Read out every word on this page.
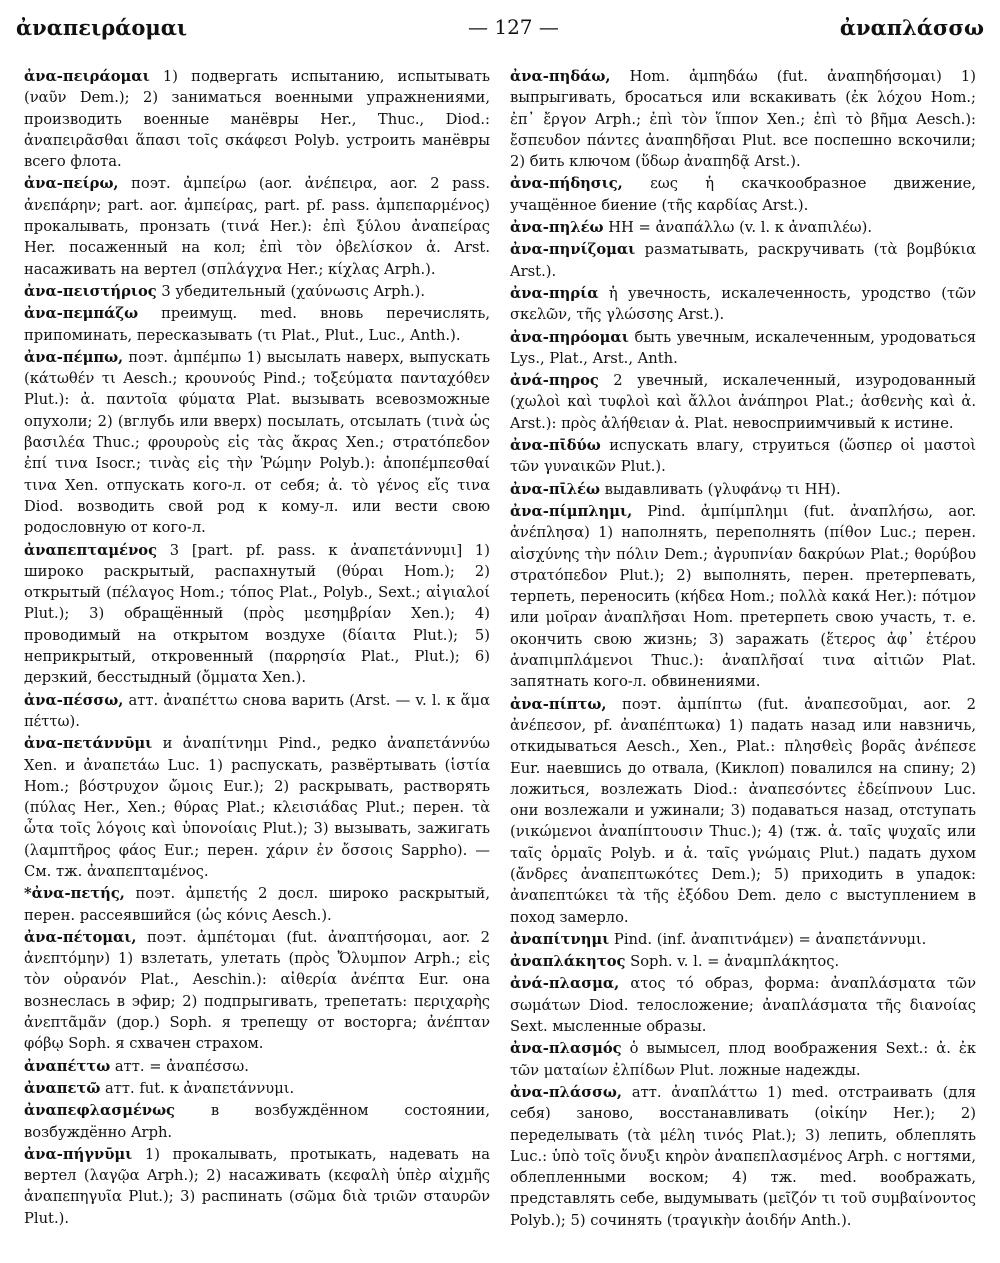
ἀναπειράομαι	— 127 —	ἀναπλάσσω

ἀνα-πειράομαι 1) подвергать испытанию, испытывать (ναῦν Dem.); 2) заниматься военными упражнениями, производить военные манёвры Her., Thuc., Diod.: ἀναπειρᾶσθαι ἅπασι τοῖς σκάφεσι Polyb. устроить манёвры всего флота.

ἀνα-πείρω, поэт. ἀμπείρω (aor. ἀνέπειρα, aor. 2 pass. ἀνεπάρην; part. aor. ἀμπείρας, part. pf. pass. ἀμπεπαρμένος) прокалывать, пронзать (τινά Her.): ἐπὶ ξύλου ἀναπείρας Her. посаженный на кол; ἐπὶ τὸν ὀβελίσκον ἀ. Arst. насаживать на вертел (σπλάγχνα Her.; κίχλας Arph.).

ἀνα-πειστήριος 3 убедительный (χαύνωσις Arph.).

ἀνα-πεμπάζω преимущ. med. вновь перечислять, припоминать, пересказывать (τι Plat., Plut., Luc., Anth.).

ἀνα-πέμπω, поэт. ἀμπέμπω 1) высылать наверх, выпускать (κάτωθέν τι Aesch.; κρουνούς Pind.; τοξεύματα πανταχόθεν Plut.): ἀ. παντοῖα φύματα Plat. вызывать всевозможные опухоли; 2) (вглубь или вверх) посылать, отсылать (τινὰ ὡς βασιλέα Thuc.; φρουροὺς εἰς τὰς ἄκρας Xen.; στρατόπεδον ἐπί τινα Isocr.; τινὰς εἰς τὴν Ῥώμην Polyb.): ἀποπέμπεσθαί τινα Xen. отпускать кого-л. от себя; ἀ. τὸ γένος εἴς τινα Diod. возводить свой род к кому-л. или вести свою родословную от кого-л.

ἀναπεπταμένος 3 [part. pf. pass. к ἀναπετάννυμι] 1) широко раскрытый, распахнутый (θύραι Hom.); 2) открытый (πέλαγος Hom.; τόπος Plat., Polyb., Sext.; αἰγιαλοί Plut.); 3) обращённый (πρὸς μεσημβρίαν Xen.); 4) проводимый на открытом воздухе (δίαιτα Plut.); 5) неприкрытый, откровенный (παρρησία Plat., Plut.); 6) дерзкий, бесстыдный (ὄμματα Xen.).

ἀνα-πέσσω, атт. ἀναπέττω снова варить (Arst. — v. l. к ἅμα πέττω).

ἀνα-πετάννῡμι и ἀναπίτνημι Pind., редко ἀναπετάννύω Xen. и ἀναπετάω Luc. 1) распускать, развёртывать (ἱστία Hom.; βόστρυχον ὤμοις Eur.); 2) раскрывать, растворять (πύλας Her., Xen.; θύρας Plat.; κλεισιάδας Plut.; перен. τὰ ὦτα τοῖς λόγοις καὶ ὑπονοίαις Plut.); 3) вызывать, зажигать (λαμπτῆρος φάος Eur.; перен. χάριν ἐν ὄσσοις Sappho). — См. тж. ἀναπεπταμένος.

*ἀνα-πετής, поэт. ἀμπετής 2 досл. широко раскрытый, перен. рассеявшийся (ὡς κόνις Aesch.).

ἀνα-πέτομαι, поэт. ἀμπέτομαι (fut. ἀναπτήσομαι, aor. 2 ἀνεπτόμην) 1) взлетать, улетать (πρὸς Ὄλυμπον Arph.; εἰς τὸν οὐρανόν Plat., Aeschin.): αἰθερία ἀνέπτα Eur. она вознеслась в эфир; 2) подпрыгивать, трепетать: περιχαρὴς ἀνεπτᾶμᾶν (дор.) Soph. я трепещу от восторга; ἀνέπταν φόβῳ Soph. я схвачен страхом.

ἀναπέττω атт. = ἀναπέσσω.

ἀναπετῶ атт. fut. к ἀναπετάννυμι.

ἀναπεφλασμένως в возбуждённом состоянии, возбуждённо Arph.

ἀνα-πήγνῡμι 1) прокалывать, протыкать, надевать на вертел (λαγῷα Arph.); 2) насаживать (κεφαλὴ ὑπὲρ αἰχμῆς ἀναπεπηγυῖα Plut.); 3) распинать (σῶμα διὰ τριῶν σταυρῶν Plut.).

ἀνα-πηδάω, Hom. ἀμπηδάω (fut. ἀναπηδήσομαι) 1) выпрыгивать, бросаться или вскакивать (ἐκ λόχου Hom.; ἐπ᾽ ἔργον Arph.; ἐπὶ τὸν ἵππον Xen.; ἐπὶ τὸ βῆμα Aesch.): ἔσπευδον πάντες ἀναπηδῆσαι Plut. все поспешно вскочили; 2) бить ключом (ὕδωρ ἀναπηδᾷ Arst.).

ἀνα-πήδησις, εως ἡ скачкообразное движение, учащённое биение (τῆς καρδίας Arst.).

ἀνα-πηλέω НН = ἀναπάλλω (v. l. к ἀναπιλέω).

ἀνα-πηνίζομαι разматывать, раскручивать (τὰ βομβύκια Arst.).

ἀνα-πηρία ἡ увечность, искалеченность, уродство (τῶν σκελῶν, τῆς γλώσσης Arst.).

ἀνα-πηρόομαι быть увечным, искалеченным, уродоваться Lys., Plat., Arst., Anth.

ἀνά-πηρος 2 увечный, искалеченный, изуродованный (χωλοὶ καὶ τυφλοὶ καὶ ἄλλοι ἀνάπηροι Plat.; ἀσθενὴς καὶ ἀ. Arst.): πρὸς ἀλήθειαν ἀ. Plat. невосприимчивый к истине.

ἀνα-πῑδύω испускать влагу, струиться (ὥσπερ οἱ μαστοὶ τῶν γυναικῶν Plut.).

ἀνα-πῑλέω выдавливать (γλυφάνῳ τι НН).

ἀνα-πίμπλημι, Pind. ἀμπίμπλημι (fut. ἀναπλήσω, aor. ἀνέπλησα) 1) наполнять, переполнять (πίθον Luc.; перен. αἰσχύνης τὴν πόλιν Dem.; ἀγρυπνίαν δακρύων Plat.; θορύβου στρατόπεδον Plut.); 2) выполнять, перен. претерпевать, терпеть, переносить (κήδεα Hom.; πολλὰ κακά Her.): πότμον или μοῖραν ἀναπλῆσαι Hom. претерпеть свою участь, т. е. окончить свою жизнь; 3) заражать (ἕτερος ἀφ᾽ ἑτέρου ἀναπιμπλάμενοι Thuc.): ἀναπλῆσαί τινα αἰτιῶν Plat. запятнать кого-л. обвинениями.

ἀνα-πίπτω, поэт. ἀμπίπτω (fut. ἀναπεσοῦμαι, aor. 2 ἀνέπεσον, pf. ἀναπέπτωκα) 1) падать назад или навзничь, откидываться Aesch., Xen., Plat.: πλησθεὶς βορᾶς ἀνέπεσε Eur. наевшись до отвала, (Киклоп) повалился на спину; 2) ложиться, возлежать Diod.: ἀναπεσόντες ἐδείπνουν Luc. они возлежали и ужинали; 3) подаваться назад, отступать (νικώμενοι ἀναπίπτουσιν Thuc.); 4) (тж. ἀ. ταῖς ψυχαῖς или ταῖς ὁρμαῖς Polyb. и ἀ. ταῖς γνώμαις Plut.) падать духом (ἄνδρες ἀναπεπτωκότες Dem.); 5) приходить в упадок: ἀναπεπτώκει τὰ τῆς ἐξόδου Dem. дело с выступлением в поход замерло.

ἀναπίτνημι Pind. (inf. ἀναπιτνάμεν) = ἀναπετάννυμι.

ἀναπλάκητος Soph. v. l. = ἀναμπλάκητος.

ἀνά-πλασμα, ατος τό образ, форма: ἀναπλάσματα τῶν σωμάτων Diod. телосложение; ἀναπλάσματα τῆς διανοίας Sext. мысленные образы.

ἀνα-πλασμός ὁ вымысел, плод воображения Sext.: ἀ. ἐκ τῶν ματαίων ἐλπίδων Plut. ложные надежды.

ἀνα-πλάσσω, атт. ἀναπλάττω 1) med. отстраивать (для себя) заново, восстанавливать (οἰκίην Her.); 2) переделывать (τὰ μέλη τινός Plat.); 3) лепить, облеплять Luc.: ὑπὸ τοῖς ὄνυξι κηρὸν ἀναπεπλασμένος Arph. с ногтями, облепленными воском; 4) тж. med. воображать, представлять себе, выдумывать (μεῖζόν τι τοῦ συμβαίνοντος Polyb.); 5) сочинять (τραγικὴν ἀοιδήν Anth.).
